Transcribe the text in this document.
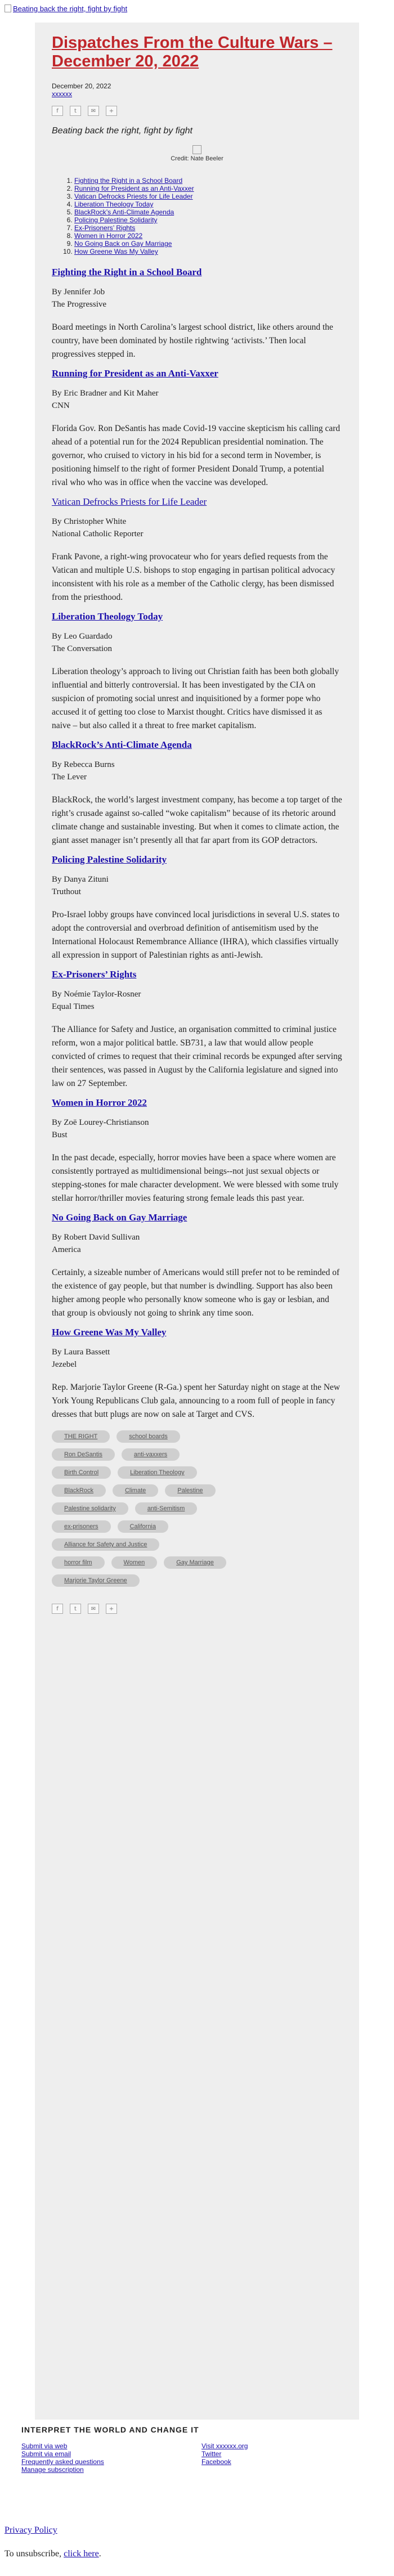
Beating back the right, fight by fight
Dispatches From the Culture Wars – December 20, 2022
December 20, 2022
xxxxxx
f	t	✉	+
Beating back the right, fight by fight
Credit: Nate Beeler
1. Fighting the Right in a School Board
2. Running for President as an Anti-Vaxxer
3. Vatican Defrocks Priests for Life Leader
4. Liberation Theology Today
5. BlackRock’s Anti-Climate Agenda
6. Policing Palestine Solidarity
7. Ex-Prisoners’ Rights
8. Women in Horror 2022
9. No Going Back on Gay Marriage
10. How Greene Was My Valley
Fighting the Right in a School Board
By Jennifer Job
The Progressive
Board meetings in North Carolina’s largest school district, like others around the country, have been dominated by hostile rightwing ‘activists.’ Then local progressives stepped in.
Running for President as an Anti-Vaxxer
By Eric Bradner and Kit Maher
CNN
Florida Gov. Ron DeSantis has made Covid-19 vaccine skepticism his calling card ahead of a potential run for the 2024 Republican presidential nomination. The governor, who cruised to victory in his bid for a second term in November, is positioning himself to the right of former President Donald Trump, a potential rival who who was in office when the vaccine was developed.
Vatican Defrocks Priests for Life Leader
By Christopher White
National Catholic Reporter
Frank Pavone, a right-wing provocateur who for years defied requests from the Vatican and multiple U.S. bishops to stop engaging in partisan political advocacy inconsistent with his role as a member of the Catholic clergy, has been dismissed from the priesthood.
Liberation Theology Today
By Leo Guardado
The Conversation
Liberation theology’s approach to living out Christian faith has been both globally influential and bitterly controversial. It has been investigated by the CIA on suspicion of promoting social unrest and inquisitioned by a former pope who accused it of getting too close to Marxist thought. Critics have dismissed it as naive – but also called it a threat to free market capitalism.
BlackRock’s Anti-Climate Agenda
By Rebecca Burns
The Lever
BlackRock, the world’s largest investment company, has become a top target of the right’s crusade against so-called “woke capitalism” because of its rhetoric around climate change and sustainable investing. But when it comes to climate action, the giant asset manager isn’t presently all that far apart from its GOP detractors.
Policing Palestine Solidarity
By Danya Zituni
Truthout
Pro-Israel lobby groups have convinced local jurisdictions in several U.S. states to adopt the controversial and overbroad definition of antisemitism used by the International Holocaust Remembrance Alliance (IHRA), which classifies virtually all expression in support of Palestinian rights as anti-Jewish.
Ex-Prisoners’ Rights
By Noémie Taylor-Rosner
Equal Times
The Alliance for Safety and Justice, an organisation committed to criminal justice reform, won a major political battle. SB731, a law that would allow people convicted of crimes to request that their criminal records be expunged after serving their sentences, was passed in August by the California legislature and signed into law on 27 September.
Women in Horror 2022
By Zoë Lourey-Christianson
Bust
In the past decade, especially, horror movies have been a space where women are consistently portrayed as multidimensional beings--not just sexual objects or stepping-stones for male character development. We were blessed with some truly stellar horror/thriller movies featuring strong female leads this past year.
No Going Back on Gay Marriage
By Robert David Sullivan
America
Certainly, a sizeable number of Americans would still prefer not to be reminded of the existence of gay people, but that number is dwindling. Support has also been higher among people who personally know someone who is gay or lesbian, and that group is obviously not going to shrink any time soon.
How Greene Was My Valley
By Laura Bassett
Jezebel
Rep. Marjorie Taylor Greene (R-Ga.) spent her Saturday night on stage at the New York Young Republicans Club gala, announcing to a room full of people in fancy dresses that butt plugs are now on sale at Target and CVS.
THE RIGHT	school boards
Ron DeSantis	anti-vaxxers
Birth Control	Liberation Theology
BlackRock	Climate	Palestine
Palestine solidarity	anti-Semitism
ex-prisoners	California
Alliance for Safety and Justice
horror film	Women	Gay Marriage
Marjorie Taylor Greene
f	t	✉	+
INTERPRET THE WORLD AND CHANGE IT
Submit via web
Submit via email
Frequently asked questions
Manage subscription
Visit xxxxxx.org
Twitter
Facebook
Privacy Policy
To unsubscribe, click here.
